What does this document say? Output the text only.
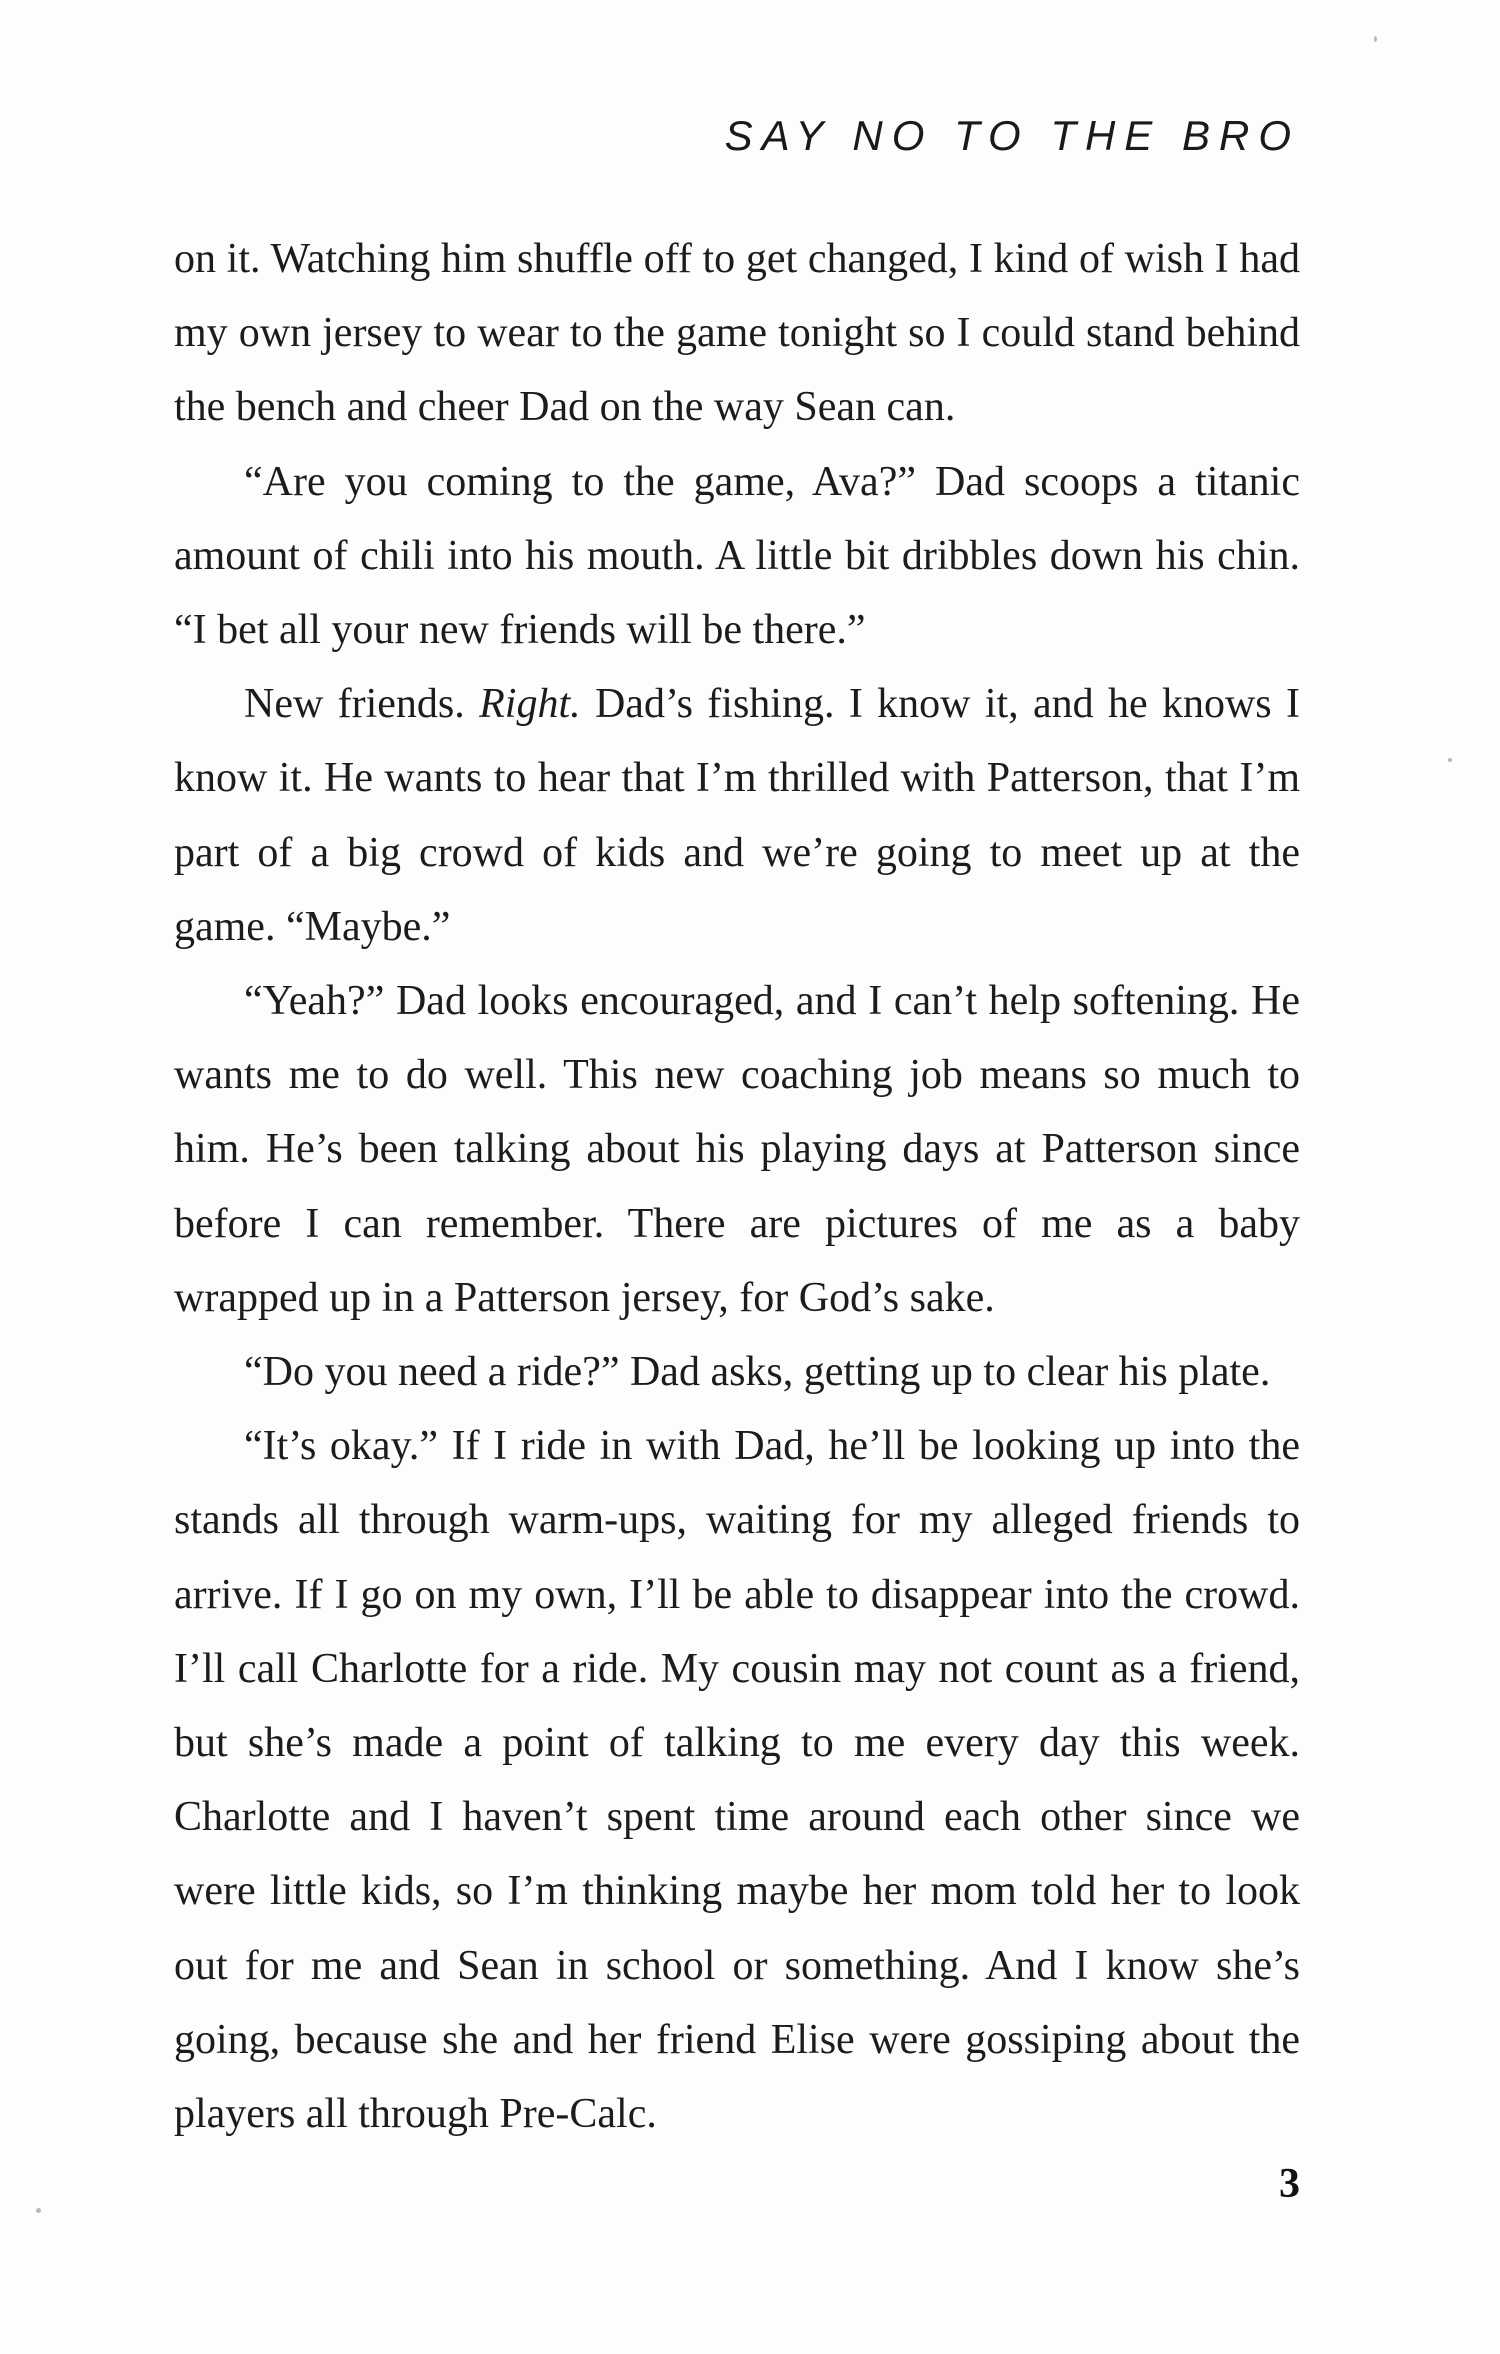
SAY NO TO THE BRO

on it. Watching him shuffle off to get changed, I kind of wish I had my own jersey to wear to the game tonight so I could stand behind the bench and cheer Dad on the way Sean can.

“Are you coming to the game, Ava?” Dad scoops a titanic amount of chili into his mouth. A little bit dribbles down his chin. “I bet all your new friends will be there.”

New friends. Right. Dad’s fishing. I know it, and he knows I know it. He wants to hear that I’m thrilled with Patterson, that I’m part of a big crowd of kids and we’re going to meet up at the game. “Maybe.”

“Yeah?” Dad looks encouraged, and I can’t help softening. He wants me to do well. This new coaching job means so much to him. He’s been talking about his playing days at Patterson since before I can remember. There are pictures of me as a baby wrapped up in a Patterson jersey, for God’s sake.

“Do you need a ride?” Dad asks, getting up to clear his plate.

“It’s okay.” If I ride in with Dad, he’ll be looking up into the stands all through warm-ups, waiting for my alleged friends to arrive. If I go on my own, I’ll be able to disappear into the crowd. I’ll call Charlotte for a ride. My cousin may not count as a friend, but she’s made a point of talking to me every day this week. Charlotte and I haven’t spent time around each other since we were little kids, so I’m thinking maybe her mom told her to look out for me and Sean in school or something. And I know she’s going, because she and her friend Elise were gossiping about the players all through Pre-Calc.

3
